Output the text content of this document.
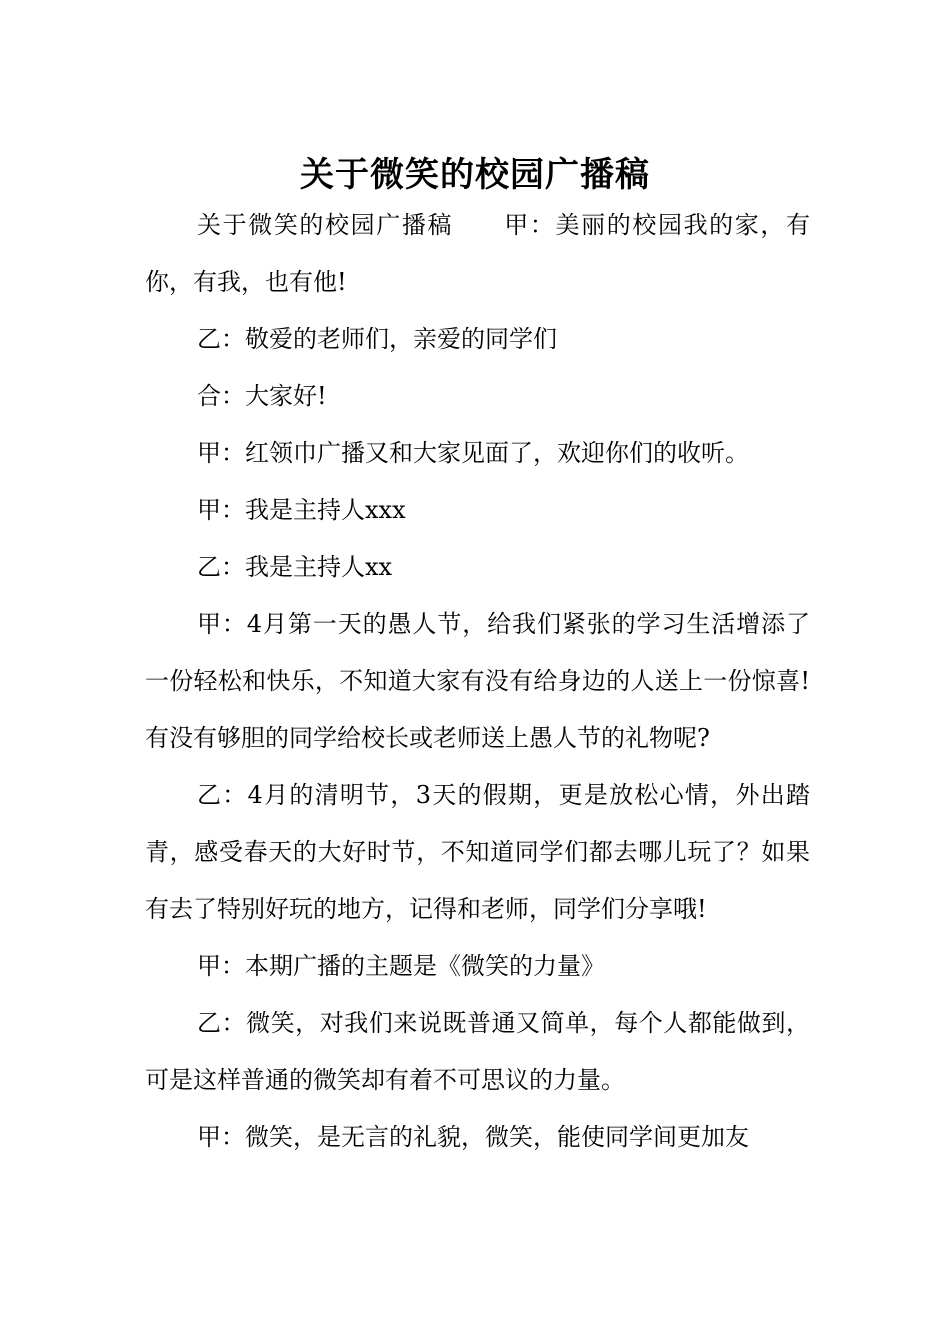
关于微笑的校园广播稿

关于微笑的校园广播稿　　甲：美丽的校园我的家，有你，有我，也有他!

乙：敬爱的老师们，亲爱的同学们

合：大家好!

甲：红领巾广播又和大家见面了，欢迎你们的收听。

甲：我是主持人xxx

乙：我是主持人xx

甲：4月第一天的愚人节，给我们紧张的学习生活增添了一份轻松和快乐，不知道大家有没有给身边的人送上一份惊喜!有没有够胆的同学给校长或老师送上愚人节的礼物呢?

乙：4月的清明节，3天的假期，更是放松心情，外出踏青，感受春天的大好时节，不知道同学们都去哪儿玩了？如果有去了特别好玩的地方，记得和老师，同学们分享哦!

甲：本期广播的主题是《微笑的力量》

乙：微笑，对我们来说既普通又简单，每个人都能做到，可是这样普通的微笑却有着不可思议的力量。

甲：微笑，是无言的礼貌，微笑，能使同学间更加友
